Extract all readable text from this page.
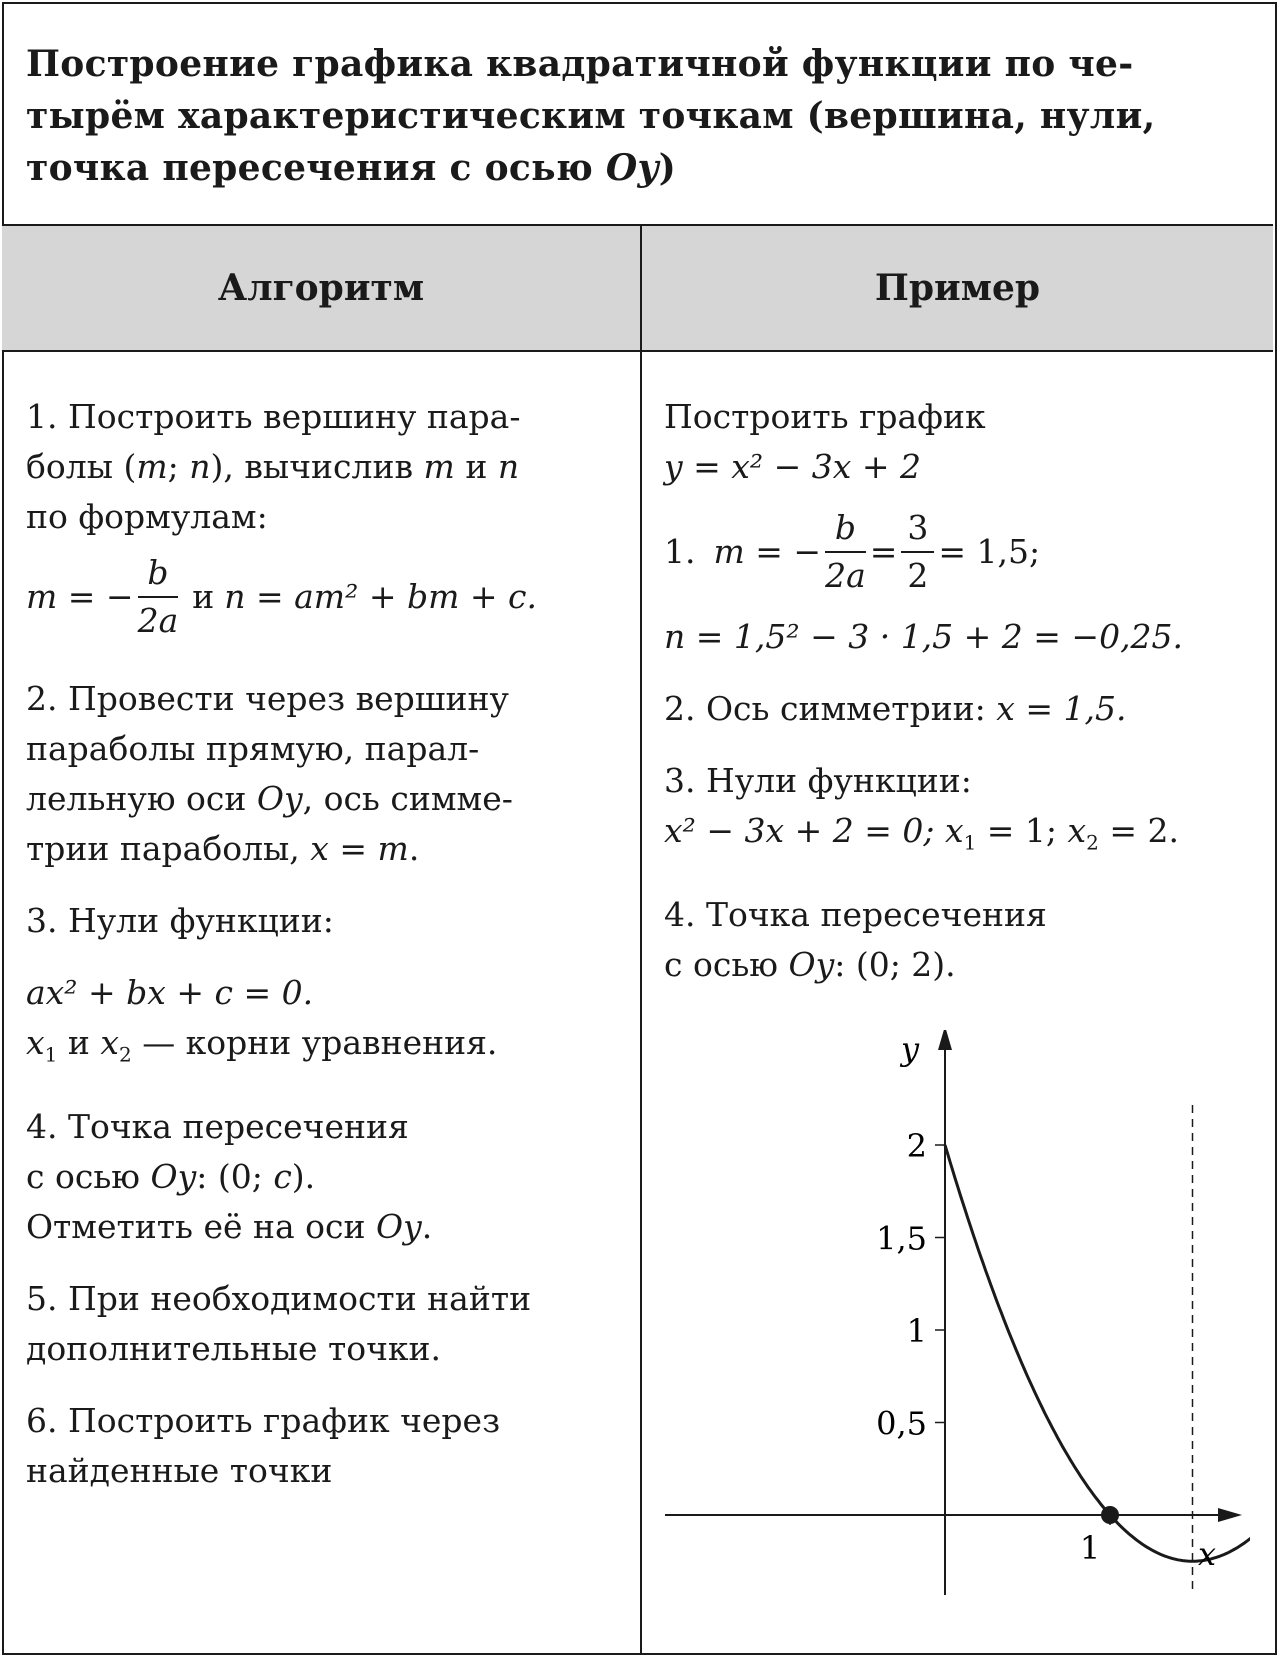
Построение графика квадратичной функции по че-
тырём характеристическим точкам (вершина, нули,
точка пересечения с осью Oy)
Алгоритм	Пример

1. Построить вершину пара-

болы (m; n), вычислив m и n

по формулам:

m = − $\frac{b}{2a}$ и n = am² + bm + c.

2. Провести через вершину

параболы прямую, парал-

лельную оси Oy, ось симме-

трии параболы, x = m.

3. Нули функции:

ax² + bx + c = 0.

$x_1$ и $x_2$ — корни уравнения.

4. Точка пересечения

с осью Oy: (0; c).

Отметить её на оси Oy.

5. При необходимости найти

дополнительные точки.

6. Построить график через

найденные точки

Построить график

y = x² − 3x + 2

1. m = − $\frac{b}{2a} = \frac{3}{2} = 1,5$;

n = 1,5² − 3 · 1,5 + 2 = −0,25.

2. Ось симметрии: x = 1,5.

3. Нули функции:

x² − 3x + 2 = 0; $x_1 = 1$; $x_2 = 2$.

4. Точка пересечения

с осью Oy: (0; 2).

1
0,5
1
1,5
2
x
y
